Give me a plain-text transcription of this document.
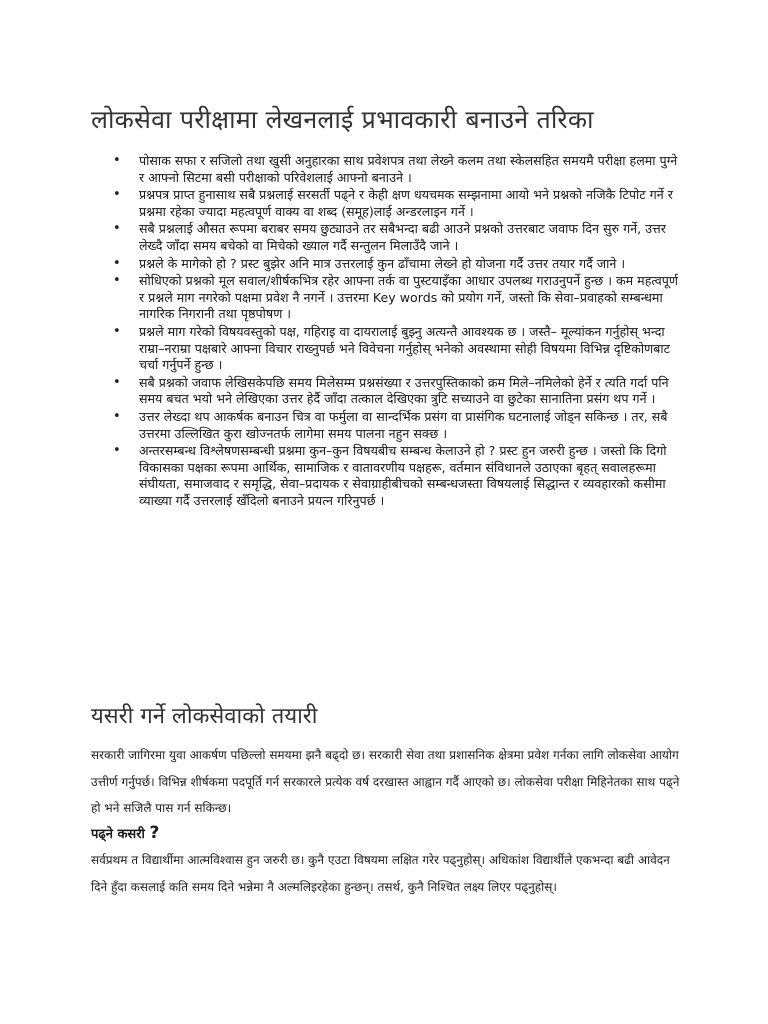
लोकसेवा परीक्षामा लेखनलाई प्रभावकारी बनाउने तरिका
• पोसाक सफा र सजिलो तथा खुसी अनुहारका साथ प्रवेशपत्र तथा लेख्ने कलम तथा स्केलसहित समयमै परीक्षा हलमा पुग्ने र आफ्नो सिटमा बसी परीक्षाको परिवेशलाई आफ्नो बनाउने ।
• प्रश्नपत्र प्राप्त हुनासाथ सबै प्रश्नलाई सरसर्ती पढ्ने र केही क्षण धयचमक सम्झनामा आयो भने प्रश्नको नजिकै टिपोट गर्ने र प्रश्नमा रहेका ज्यादा महत्वपूर्ण वाक्य वा शब्द (समूह)लाई अन्डरलाइन गर्ने ।
• सबै प्रश्नलाई औसत रूपमा बराबर समय छुट्याउने तर सबैभन्दा बढी आउने प्रश्नको उत्तरबाट जवाफ दिन सुरु गर्ने, उत्तर लेख्दै जाँदा समय बचेको वा मिचेको ख्याल गर्दै सन्तुलन मिलाउँदै जाने ।
• प्रश्नले के मागेको हो ? प्रस्ट बुझेर अनि मात्र उत्तरलाई कुन ढाँचामा लेख्ने हो योजना गर्दै उत्तर तयार गर्दै जाने ।
• सोधिएको प्रश्नको मूल सवाल/शीर्षकभित्र रहेर आफ्ना तर्क वा पुस्टयाइँका आधार उपलब्ध गराउनुपर्ने हुन्छ । कम महत्वपूर्ण र प्रश्नले माग नगरेको पक्षमा प्रवेश नै नगर्ने । उत्तरमा Key words को प्रयोग गर्ने, जस्तो कि सेवा–प्रवाहको सम्बन्धमा नागरिक निगरानी तथा पृष्ठपोषण ।
• प्रश्नले माग गरेको विषयवस्तुको पक्ष, गहिराइ वा दायरालाई बुझ्नु अत्यन्तै आवश्यक छ । जस्तै– मूल्यांकन गर्नुहोस् भन्दा राम्रा–नराम्रा पक्षबारे आफ्ना विचार राख्नुपर्छ भने विवेचना गर्नुहोस् भनेको अवस्थामा सोही विषयमा विभिन्न दृष्टिकोणबाट चर्चा गर्नुपर्ने हुन्छ ।
• सबै प्रश्नको जवाफ लेखिसकेपछि समय मिलेसम्म प्रश्नसंख्या र उत्तरपुस्तिकाको क्रम मिले–नमिलेको हेर्ने र त्यति गर्दा पनि समय बचत भयो भने लेखिएका उत्तर हेर्दै जाँदा तत्काल देखिएका त्रुटि सच्याउने वा छुटेका सानातिना प्रसंग थप गर्ने ।
• उत्तर लेख्दा थप आकर्षक बनाउन चित्र वा फर्मुला वा सान्दर्भिक प्रसंग वा प्रासंगिक घटनालाई जोड्न सकिन्छ । तर, सबै उत्तरमा उल्लिखित कुरा खोज्नतर्फ लागेमा समय पालना नहुन सक्छ ।
• अन्तरसम्बन्ध विश्लेषणसम्बन्धी प्रश्नमा कुन–कुन विषयबीच सम्बन्ध केलाउने हो ? प्रस्ट हुन जरुरी हुन्छ । जस्तो कि दिगो विकासका पक्षका रूपमा आर्थिक, सामाजिक र वातावरणीय पक्षहरू, वर्तमान संविधानले उठाएका बृहत् सवालहरूमा संघीयता, समाजवाद र समृद्धि, सेवा–प्रदायक र सेवाग्राहीबीचको सम्बन्धजस्ता विषयलाई सिद्धान्त र व्यवहारको कसीमा व्याख्या गर्दै उत्तरलाई खँदिलो बनाउने प्रयत्न गरिनुपर्छ ।
यसरी गर्ने लोकसेवाको तयारी
सरकारी जागिरमा युवा आकर्षण पछिल्लो समयमा झनै बढ्दो छ। सरकारी सेवा तथा प्रशासनिक क्षेत्रमा प्रवेश गर्नका लागि लोकसेवा आयोग उत्तीर्ण गर्नुपर्छ। विभिन्न शीर्षकमा पदपूर्ति गर्न सरकारले प्रत्येक वर्ष दरखास्त आह्वान गर्दै आएको छ। लोकसेवा परीक्षा मिहिनेतका साथ पढ्ने हो भने सजिलै पास गर्न सकिन्छ।
पढ्ने कसरी ?
सर्वप्रथम त विद्यार्थीमा आत्मविश्वास हुन जरुरी छ। कुनै एउटा विषयमा लक्षित गरेर पढ्नुहोस्। अधिकांश विद्यार्थीले एकभन्दा बढी आवेदन दिने हुँदा कसलाई कति समय दिने भन्नेमा नै अल्मलिइरहेका हुन्छन्। तसर्थ, कुनै निश्चित लक्ष्य लिएर पढ्नुहोस्।
